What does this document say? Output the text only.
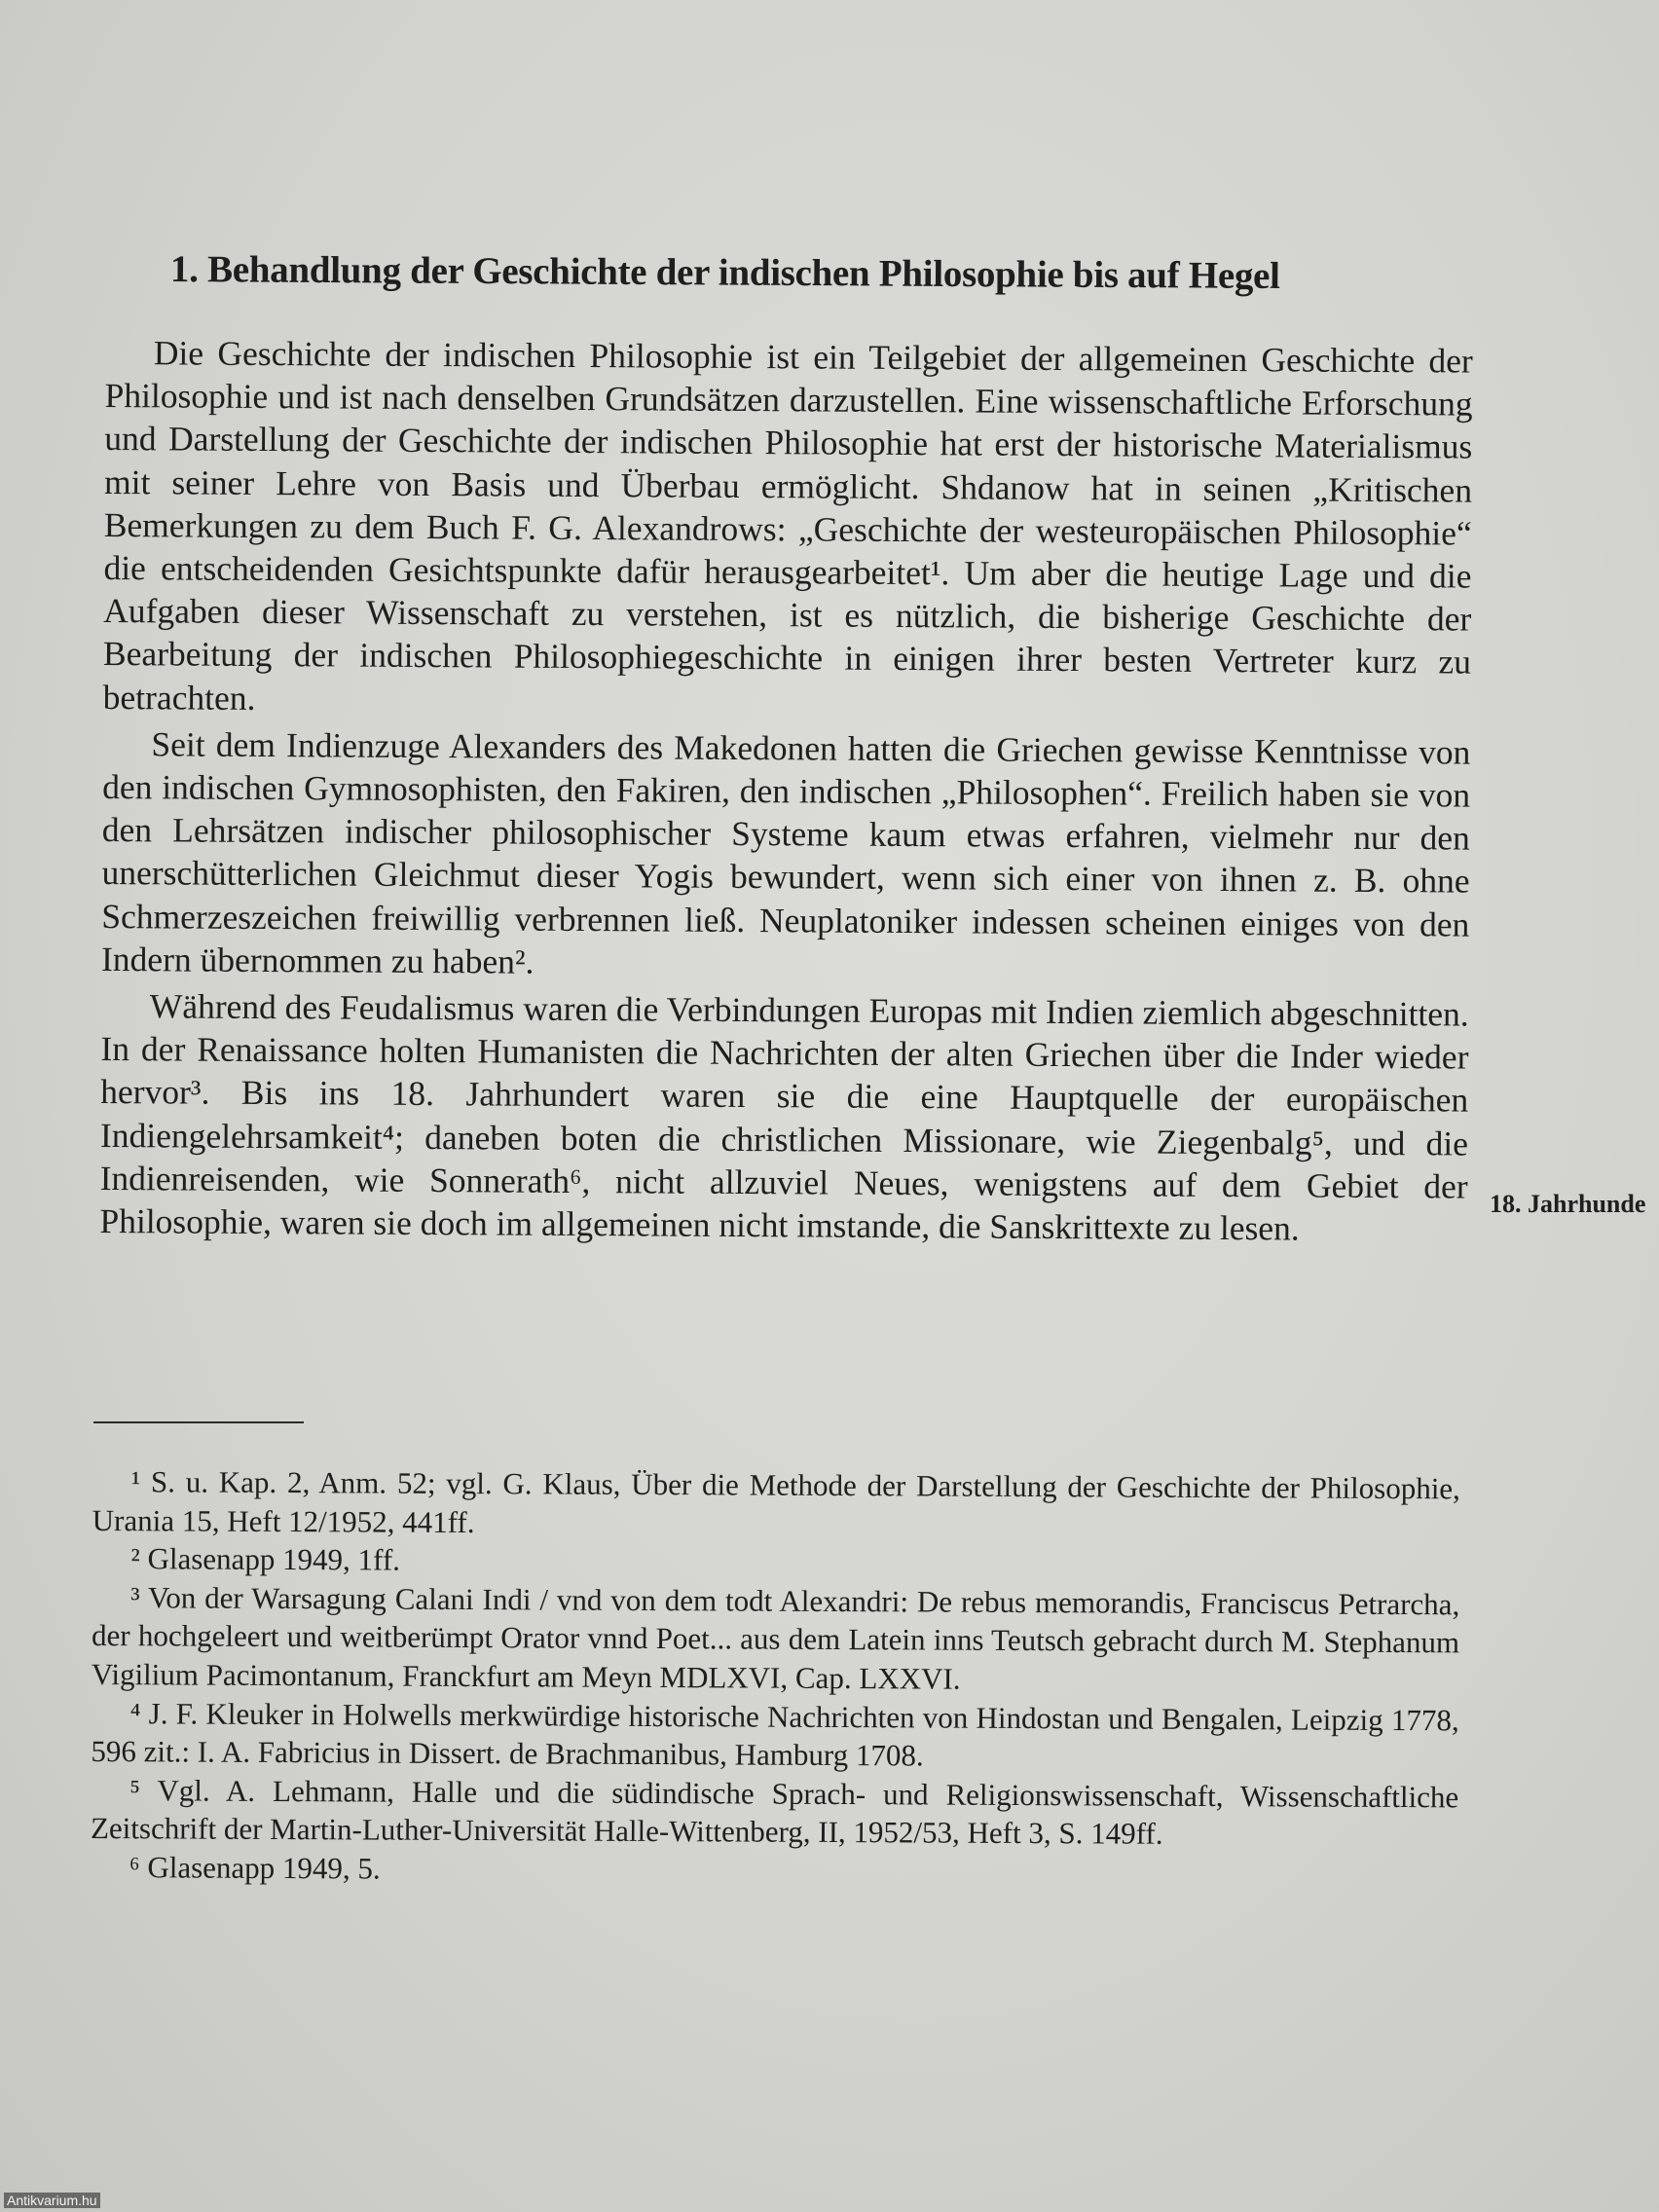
1. Behandlung der Geschichte der indischen Philosophie bis auf Hegel

Die Geschichte der indischen Philosophie ist ein Teilgebiet der allgemeinen Geschichte der Philosophie und ist nach denselben Grundsätzen darzustellen. Eine wissenschaftliche Erforschung und Darstellung der Geschichte der indischen Philosophie hat erst der historische Materialismus mit seiner Lehre von Basis und Überbau ermöglicht. Shdanow hat in seinen „Kritischen Bemerkungen zu dem Buch F. G. Alexandrows: „Geschichte der westeuropäischen Philosophie“ die entscheidenden Gesichtspunkte dafür herausgearbeitet¹. Um aber die heutige Lage und die Aufgaben dieser Wissenschaft zu verstehen, ist es nützlich, die bisherige Geschichte der Bearbeitung der indischen Philosophiegeschichte in einigen ihrer besten Vertreter kurz zu betrachten.

Seit dem Indienzuge Alexanders des Makedonen hatten die Griechen gewisse Kenntnisse von den indischen Gymnosophisten, den Fakiren, den indischen „Philosophen“. Freilich haben sie von den Lehrsätzen indischer philosophischer Systeme kaum etwas erfahren, vielmehr nur den unerschütterlichen Gleichmut dieser Yogis bewundert, wenn sich einer von ihnen z. B. ohne Schmerzeszeichen freiwillig verbrennen ließ. Neuplatoniker indessen scheinen einiges von den Indern übernommen zu haben².

Während des Feudalismus waren die Verbindungen Europas mit Indien ziemlich abgeschnitten. In der Renaissance holten Humanisten die Nachrichten der alten Griechen über die Inder wieder hervor³. Bis ins 18. Jahrhundert waren sie die eine Hauptquelle der europäischen Indiengelehrsamkeit⁴; daneben boten die christlichen Missionare, wie Ziegenbalg⁵, und die Indienreisenden, wie Sonnerath⁶, nicht allzuviel Neues, wenigstens auf dem Gebiet der Philosophie, waren sie doch im allgemeinen nicht imstande, die Sanskrittexte zu lesen.	18. Jahrhunde

¹ S. u. Kap. 2, Anm. 52; vgl. G. Klaus, Über die Methode der Darstellung der Geschichte der Philosophie, Urania 15, Heft 12/1952, 441ff.

² Glasenapp 1949, 1ff.

³ Von der Warsagung Calani Indi / vnd von dem todt Alexandri: De rebus memorandis, Franciscus Petrarcha, der hochgeleert und weitberümpt Orator vnnd Poet... aus dem Latein inns Teutsch gebracht durch M. Stephanum Vigilium Pacimontanum, Franckfurt am Meyn MDLXVI, Cap. LXXVI.

⁴ J. F. Kleuker in Holwells merkwürdige historische Nachrichten von Hindostan und Bengalen, Leipzig 1778, 596 zit.: I. A. Fabricius in Dissert. de Brachmanibus, Hamburg 1708.

⁵ Vgl. A. Lehmann, Halle und die südindische Sprach- und Religionswissenschaft, Wissenschaftliche Zeitschrift der Martin-Luther-Universität Halle-Wittenberg, II, 1952/53, Heft 3, S. 149ff.

⁶ Glasenapp 1949, 5.

Antikvarium.hu
